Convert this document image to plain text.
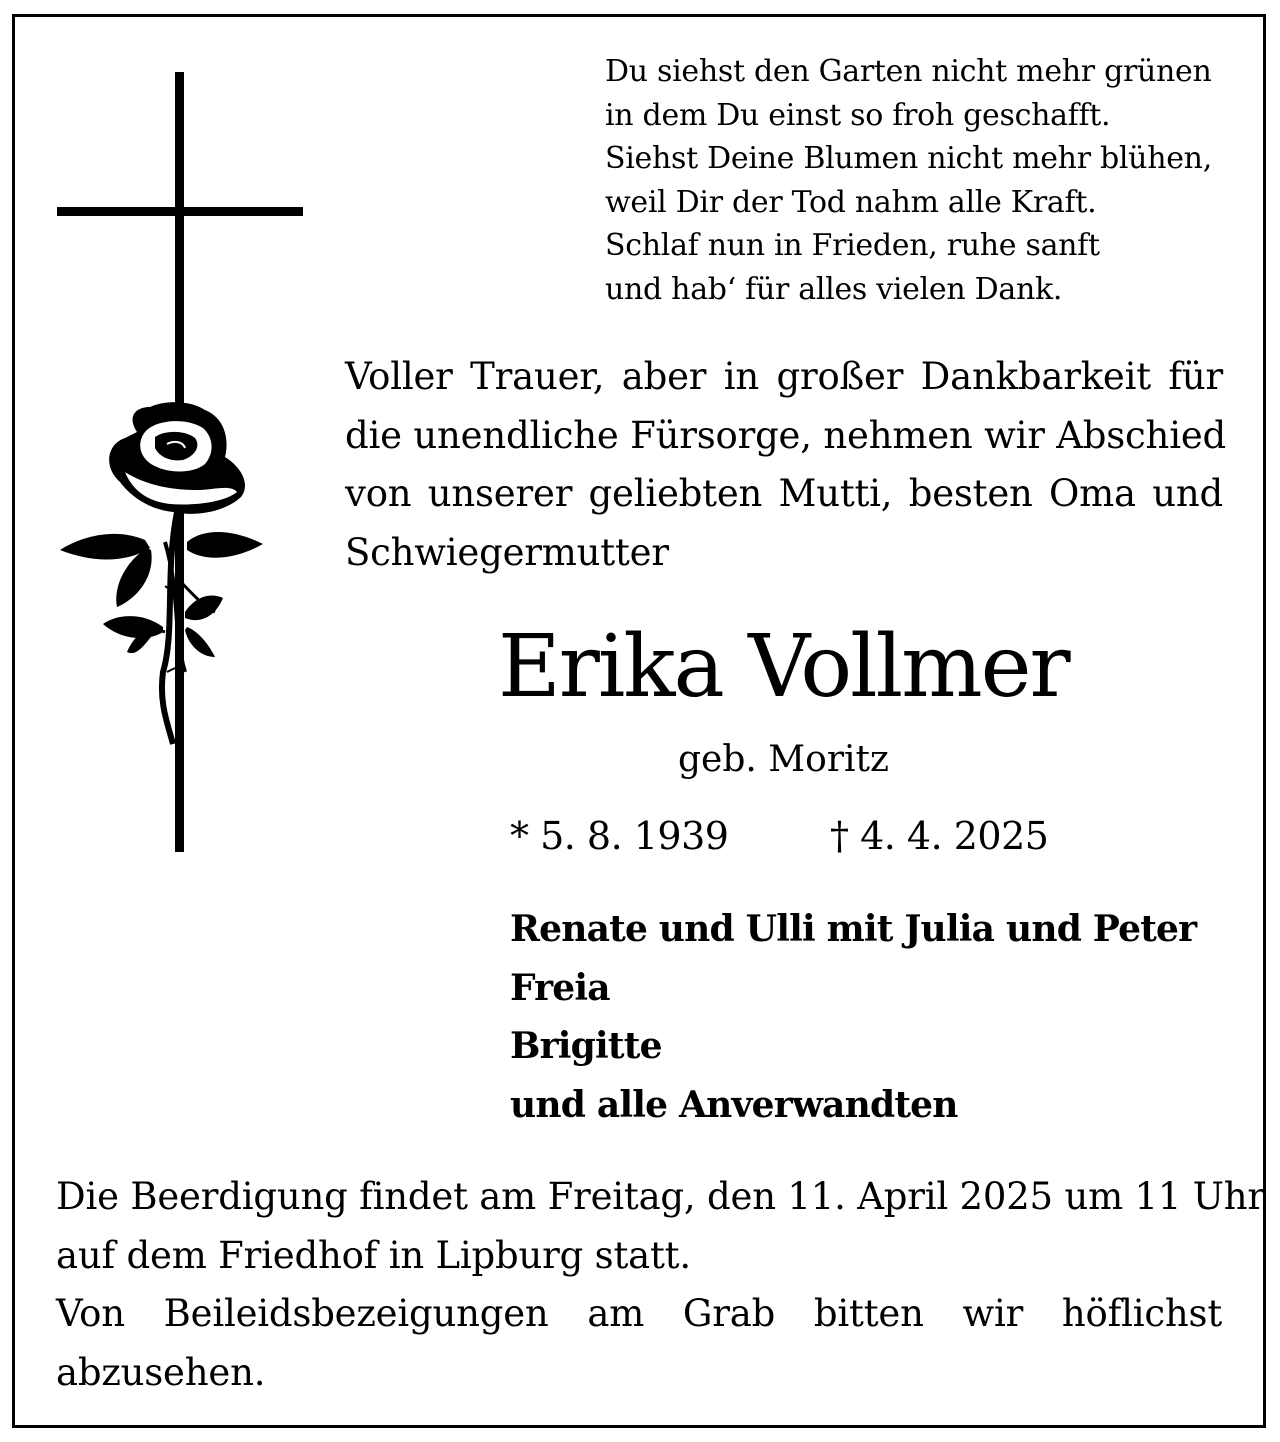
Du siehst den Garten nicht mehr grünen
in dem Du einst so froh geschafft.
Siehst Deine Blumen nicht mehr blühen,
weil Dir der Tod nahm alle Kraft.
Schlaf nun in Frieden, ruhe sanft
und hab‘ für alles vielen Dank.
Voller Trauer, aber in großer Dankbarkeit für
die unendliche Fürsorge, nehmen wir Abschied
von unserer geliebten Mutti, besten Oma und
Schwiegermutter
Erika Vollmer
geb. Moritz
* 5. 8. 1939	† 4. 4. 2025
Renate und Ulli mit Julia und Peter
Freia
Brigitte
und alle Anverwandten
Die Beerdigung findet am Freitag, den 11. April 2025 um 11 Uhr
auf dem Friedhof in Lipburg statt.
Von Beileidsbezeigungen am Grab bitten wir höflichst
abzusehen.
